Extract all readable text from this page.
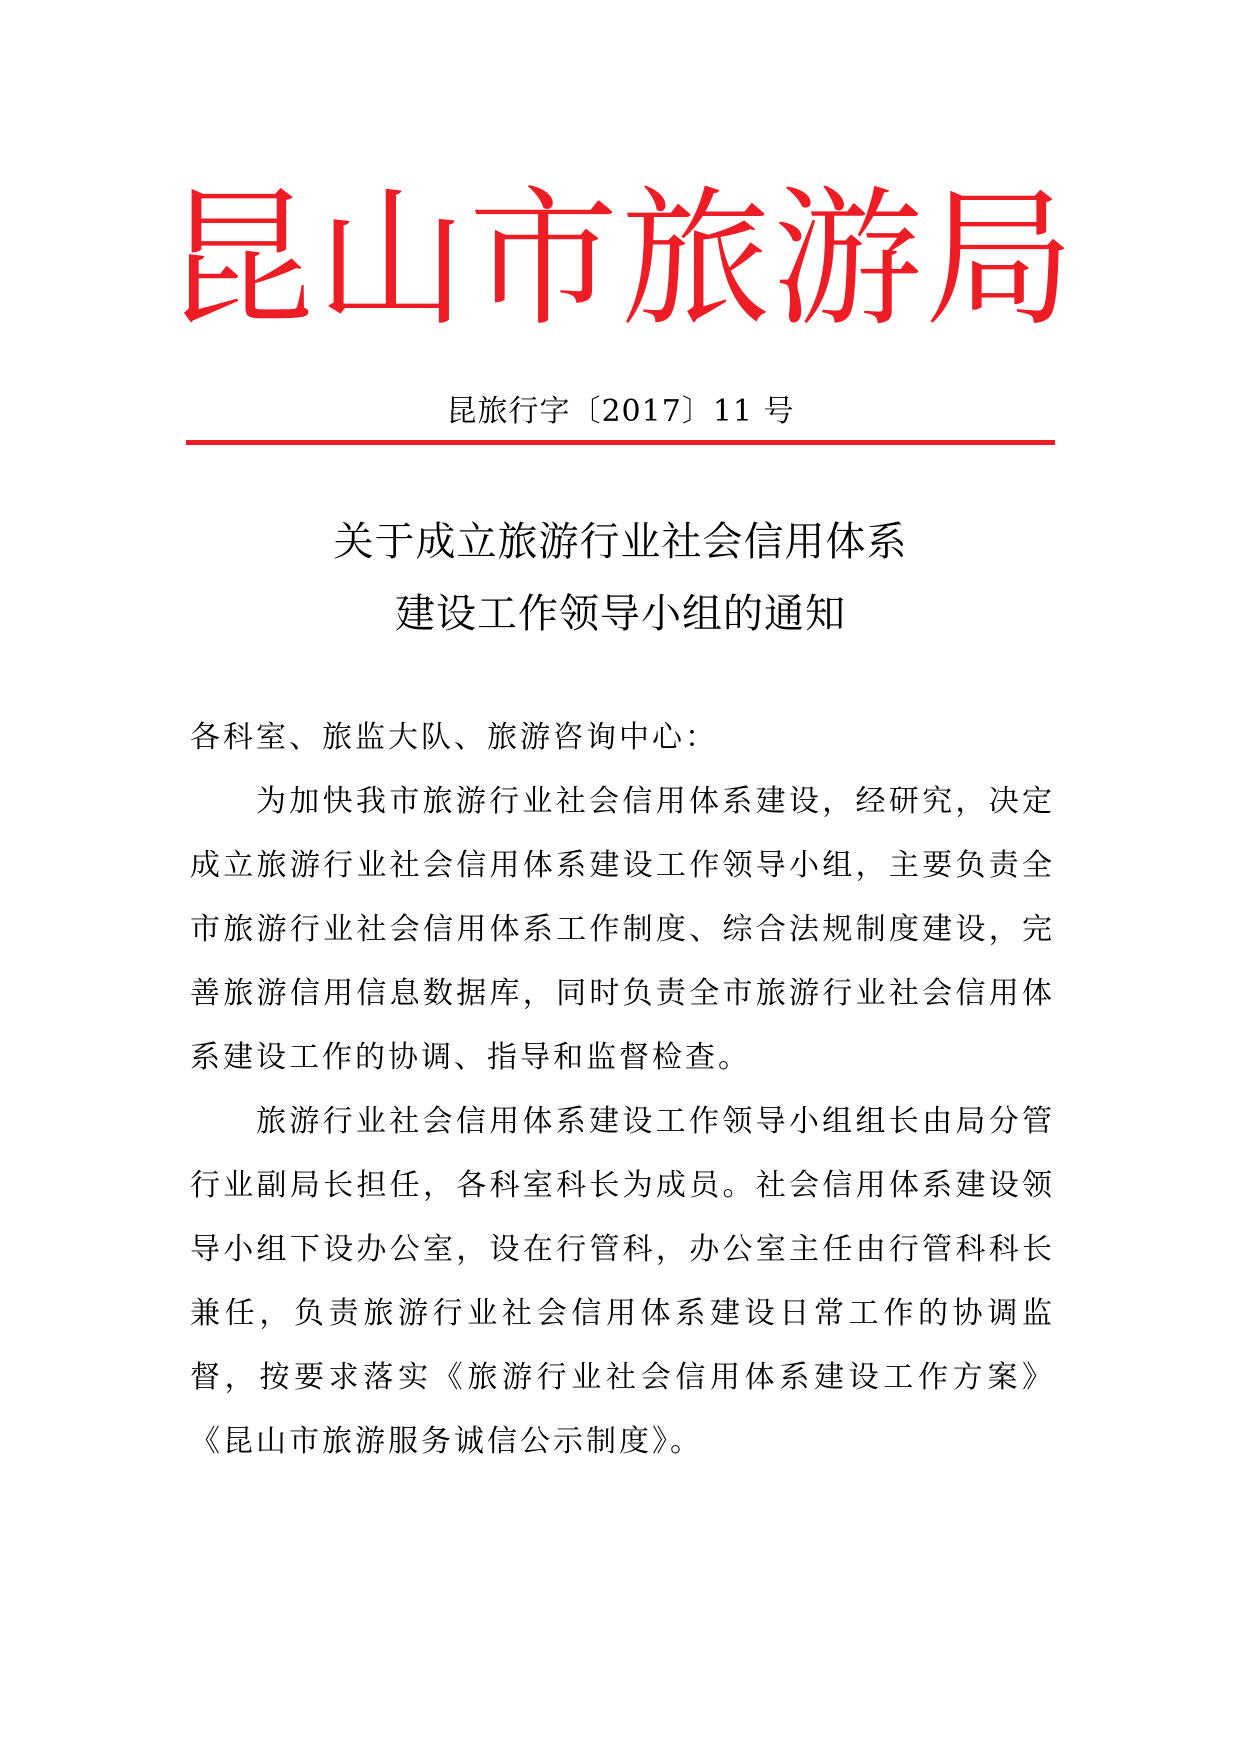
昆山市旅游局
昆旅行字〔2017〕11 号
关于成立旅游行业社会信用体系
建设工作领导小组的通知

各科室、旅监大队、旅游咨询中心：

为加快我市旅游行业社会信用体系建设，经研究，决定成立旅游行业社会信用体系建设工作领导小组，主要负责全市旅游行业社会信用体系工作制度、综合法规制度建设，完善旅游信用信息数据库，同时负责全市旅游行业社会信用体系建设工作的协调、指导和监督检查。

旅游行业社会信用体系建设工作领导小组组长由局分管行业副局长担任，各科室科长为成员。社会信用体系建设领导小组下设办公室，设在行管科，办公室主任由行管科科长兼任，负责旅游行业社会信用体系建设日常工作的协调监督，按要求落实《旅游行业社会信用体系建设工作方案》《昆山市旅游服务诚信公示制度》。
